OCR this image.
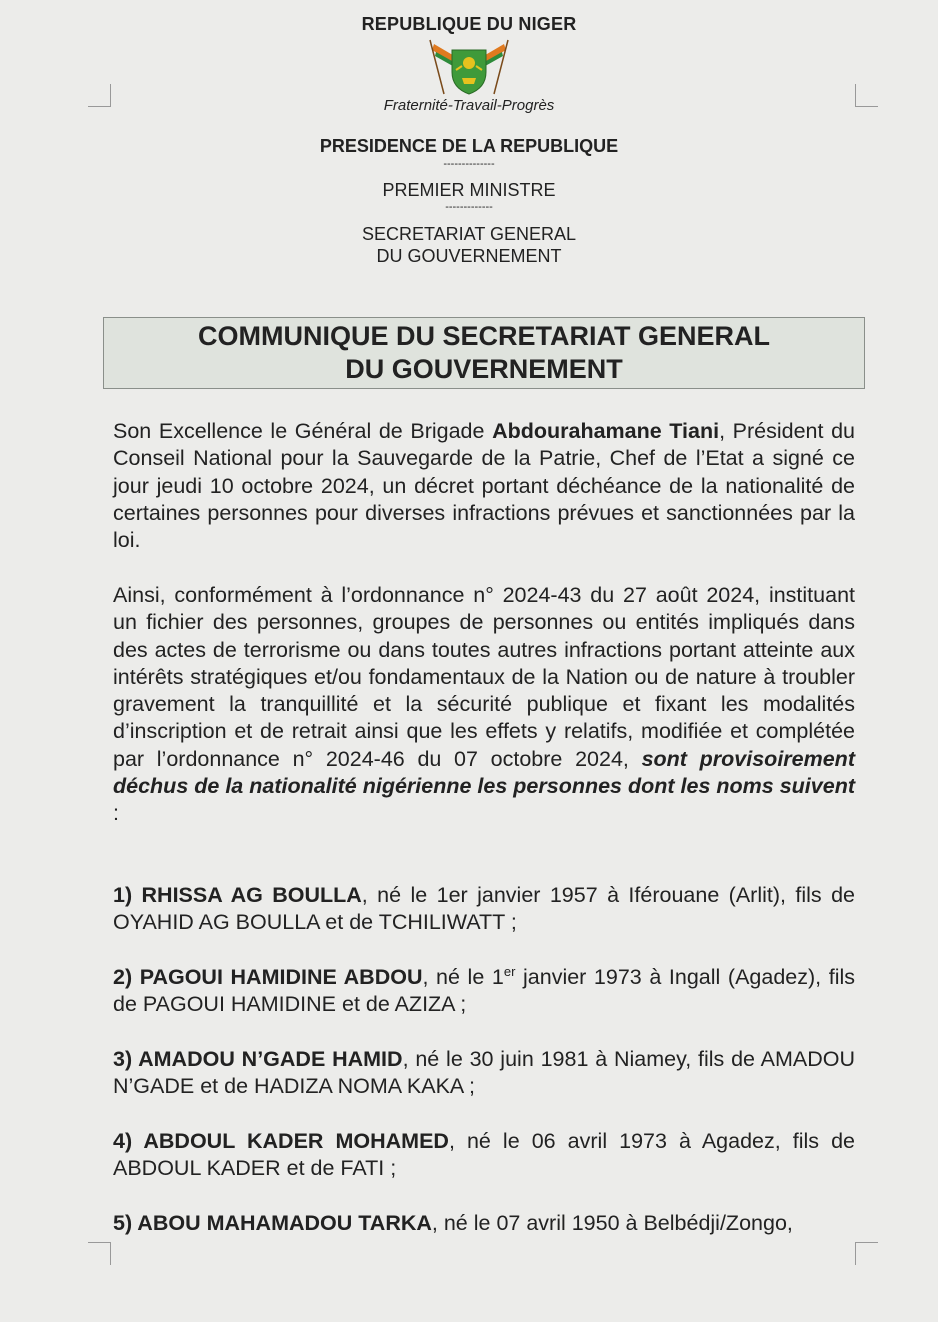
REPUBLIQUE DU NIGER
Fraternité-Travail-Progrès
PRESIDENCE DE LA REPUBLIQUE
--------------
PREMIER MINISTRE
-------------
SECRETARIAT GENERAL
DU GOUVERNEMENT
COMMUNIQUE DU SECRETARIAT GENERAL
DU GOUVERNEMENT

Son Excellence le Général de Brigade Abdourahamane Tiani, Président du Conseil National pour la Sauvegarde de la Patrie, Chef de l’Etat a signé ce jour jeudi 10 octobre 2024, un décret portant déchéance de la nationalité de certaines personnes pour diverses infractions prévues et sanctionnées par la loi.

Ainsi, conformément à l’ordonnance n° 2024-43 du 27 août 2024, instituant un fichier des personnes, groupes de personnes ou entités impliqués dans des actes de terrorisme ou dans toutes autres infractions portant atteinte aux intérêts stratégiques et/ou fondamentaux de la Nation ou de nature à troubler gravement la tranquillité et la sécurité publique et fixant les modalités d’inscription et de retrait ainsi que les effets y relatifs, modifiée et complétée par l’ordonnance n° 2024-46 du 07 octobre 2024, sont provisoirement déchus de la nationalité nigérienne les personnes dont les noms suivent :

1) RHISSA AG BOULLA, né le 1er janvier 1957 à Iférouane (Arlit), fils de OYAHID AG BOULLA et de TCHILIWATT ;
2) PAGOUI HAMIDINE ABDOU, né le 1er janvier 1973 à Ingall (Agadez), fils de PAGOUI HAMIDINE et de AZIZA ;
3) AMADOU N’GADE HAMID, né le 30 juin 1981 à Niamey, fils de AMADOU N’GADE et de HADIZA NOMA KAKA ;
4) ABDOUL KADER MOHAMED, né le 06 avril 1973 à Agadez, fils de ABDOUL KADER et de FATI ;
5) ABOU MAHAMADOU TARKA, né le 07 avril 1950 à Belbédji/Zongo,
